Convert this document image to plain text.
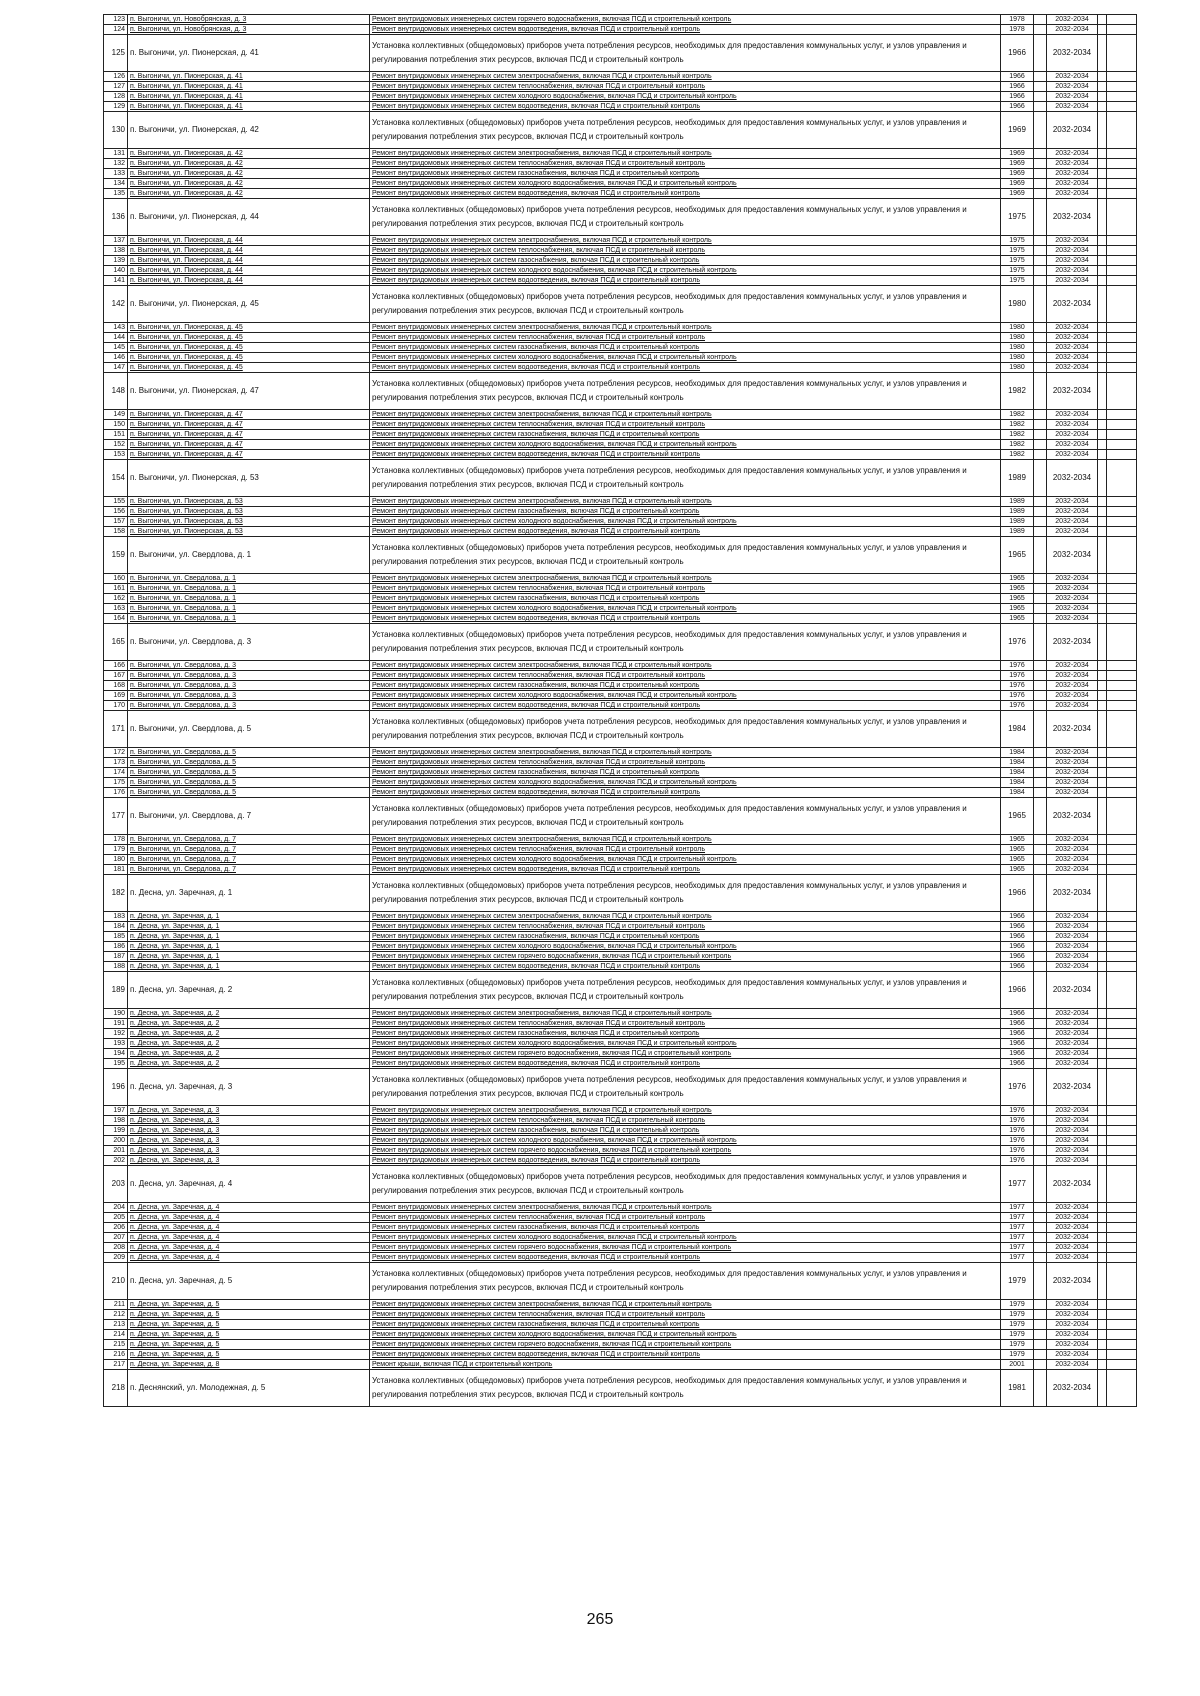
123	п. Выгоничи, ул. Новобрянская, д. 3	Ремонт внутридомовых инженерных систем горячего водоснабжения, включая ПСД и строительный контроль	1978		2032-2034		
124	п. Выгоничи, ул. Новобрянская, д. 3	Ремонт внутридомовых инженерных систем водоотведения, включая ПСД и строительный контроль	1978		2032-2034		
125	п. Выгоничи, ул. Пионерская, д. 41	Установка коллективных (общедомовых) приборов учета потребления ресурсов, необходимых для предоставления коммунальных услуг, и узлов управления и регулирования потребления этих ресурсов, включая ПСД и строительный контроль	1966		2032-2034		
126	п. Выгоничи, ул. Пионерская, д. 41	Ремонт внутридомовых инженерных систем электроснабжения, включая ПСД и строительный контроль	1966		2032-2034		
127	п. Выгоничи, ул. Пионерская, д. 41	Ремонт внутридомовых инженерных систем теплоснабжения, включая ПСД и строительный контроль	1966		2032-2034		
128	п. Выгоничи, ул. Пионерская, д. 41	Ремонт внутридомовых инженерных систем холодного водоснабжения, включая ПСД и строительный контроль	1966		2032-2034		
129	п. Выгоничи, ул. Пионерская, д. 41	Ремонт внутридомовых инженерных систем водоотведения, включая ПСД и строительный контроль	1966		2032-2034		
130	п. Выгоничи, ул. Пионерская, д. 42	Установка коллективных (общедомовых) приборов учета потребления ресурсов, необходимых для предоставления коммунальных услуг, и узлов управления и регулирования потребления этих ресурсов, включая ПСД и строительный контроль	1969		2032-2034		
131	п. Выгоничи, ул. Пионерская, д. 42	Ремонт внутридомовых инженерных систем электроснабжения, включая ПСД и строительный контроль	1969		2032-2034		
132	п. Выгоничи, ул. Пионерская, д. 42	Ремонт внутридомовых инженерных систем теплоснабжения, включая ПСД и строительный контроль	1969		2032-2034		
133	п. Выгоничи, ул. Пионерская, д. 42	Ремонт внутридомовых инженерных систем газоснабжения, включая ПСД и строительный контроль	1969		2032-2034		
134	п. Выгоничи, ул. Пионерская, д. 42	Ремонт внутридомовых инженерных систем холодного водоснабжения, включая ПСД и строительный контроль	1969		2032-2034		
135	п. Выгоничи, ул. Пионерская, д. 42	Ремонт внутридомовых инженерных систем водоотведения, включая ПСД и строительный контроль	1969		2032-2034		
136	п. Выгоничи, ул. Пионерская, д. 44	Установка коллективных (общедомовых) приборов учета потребления ресурсов, необходимых для предоставления коммунальных услуг, и узлов управления и регулирования потребления этих ресурсов, включая ПСД и строительный контроль	1975		2032-2034		
137	п. Выгоничи, ул. Пионерская, д. 44	Ремонт внутридомовых инженерных систем электроснабжения, включая ПСД и строительный контроль	1975		2032-2034		
138	п. Выгоничи, ул. Пионерская, д. 44	Ремонт внутридомовых инженерных систем теплоснабжения, включая ПСД и строительный контроль	1975		2032-2034		
139	п. Выгоничи, ул. Пионерская, д. 44	Ремонт внутридомовых инженерных систем газоснабжения, включая ПСД и строительный контроль	1975		2032-2034		
140	п. Выгоничи, ул. Пионерская, д. 44	Ремонт внутридомовых инженерных систем холодного водоснабжения, включая ПСД и строительный контроль	1975		2032-2034		
141	п. Выгоничи, ул. Пионерская, д. 44	Ремонт внутридомовых инженерных систем водоотведения, включая ПСД и строительный контроль	1975		2032-2034		
142	п. Выгоничи, ул. Пионерская, д. 45	Установка коллективных (общедомовых) приборов учета потребления ресурсов, необходимых для предоставления коммунальных услуг, и узлов управления и регулирования потребления этих ресурсов, включая ПСД и строительный контроль	1980		2032-2034		
143	п. Выгоничи, ул. Пионерская, д. 45	Ремонт внутридомовых инженерных систем электроснабжения, включая ПСД и строительный контроль	1980		2032-2034		
144	п. Выгоничи, ул. Пионерская, д. 45	Ремонт внутридомовых инженерных систем теплоснабжения, включая ПСД и строительный контроль	1980		2032-2034		
145	п. Выгоничи, ул. Пионерская, д. 45	Ремонт внутридомовых инженерных систем газоснабжения, включая ПСД и строительный контроль	1980		2032-2034		
146	п. Выгоничи, ул. Пионерская, д. 45	Ремонт внутридомовых инженерных систем холодного водоснабжения, включая ПСД и строительный контроль	1980		2032-2034		
147	п. Выгоничи, ул. Пионерская, д. 45	Ремонт внутридомовых инженерных систем водоотведения, включая ПСД и строительный контроль	1980		2032-2034		
148	п. Выгоничи, ул. Пионерская, д. 47	Установка коллективных (общедомовых) приборов учета потребления ресурсов, необходимых для предоставления коммунальных услуг, и узлов управления и регулирования потребления этих ресурсов, включая ПСД и строительный контроль	1982		2032-2034		
149	п. Выгоничи, ул. Пионерская, д. 47	Ремонт внутридомовых инженерных систем электроснабжения, включая ПСД и строительный контроль	1982		2032-2034		
150	п. Выгоничи, ул. Пионерская, д. 47	Ремонт внутридомовых инженерных систем теплоснабжения, включая ПСД и строительный контроль	1982		2032-2034		
151	п. Выгоничи, ул. Пионерская, д. 47	Ремонт внутридомовых инженерных систем газоснабжения, включая ПСД и строительный контроль	1982		2032-2034		
152	п. Выгоничи, ул. Пионерская, д. 47	Ремонт внутридомовых инженерных систем холодного водоснабжения, включая ПСД и строительный контроль	1982		2032-2034		
153	п. Выгоничи, ул. Пионерская, д. 47	Ремонт внутридомовых инженерных систем водоотведения, включая ПСД и строительный контроль	1982		2032-2034		
154	п. Выгоничи, ул. Пионерская, д. 53	Установка коллективных (общедомовых) приборов учета потребления ресурсов, необходимых для предоставления коммунальных услуг, и узлов управления и регулирования потребления этих ресурсов, включая ПСД и строительный контроль	1989		2032-2034		
155	п. Выгоничи, ул. Пионерская, д. 53	Ремонт внутридомовых инженерных систем электроснабжения, включая ПСД и строительный контроль	1989		2032-2034		
156	п. Выгоничи, ул. Пионерская, д. 53	Ремонт внутридомовых инженерных систем газоснабжения, включая ПСД и строительный контроль	1989		2032-2034		
157	п. Выгоничи, ул. Пионерская, д. 53	Ремонт внутридомовых инженерных систем холодного водоснабжения, включая ПСД и строительный контроль	1989		2032-2034		
158	п. Выгоничи, ул. Пионерская, д. 53	Ремонт внутридомовых инженерных систем водоотведения, включая ПСД и строительный контроль	1989		2032-2034		
159	п. Выгоничи, ул. Свердлова, д. 1	Установка коллективных (общедомовых) приборов учета потребления ресурсов, необходимых для предоставления коммунальных услуг, и узлов управления и регулирования потребления этих ресурсов, включая ПСД и строительный контроль	1965		2032-2034		
160	п. Выгоничи, ул. Свердлова, д. 1	Ремонт внутридомовых инженерных систем электроснабжения, включая ПСД и строительный контроль	1965		2032-2034		
161	п. Выгоничи, ул. Свердлова, д. 1	Ремонт внутридомовых инженерных систем теплоснабжения, включая ПСД и строительный контроль	1965		2032-2034		
162	п. Выгоничи, ул. Свердлова, д. 1	Ремонт внутридомовых инженерных систем газоснабжения, включая ПСД и строительный контроль	1965		2032-2034		
163	п. Выгоничи, ул. Свердлова, д. 1	Ремонт внутридомовых инженерных систем холодного водоснабжения, включая ПСД и строительный контроль	1965		2032-2034		
164	п. Выгоничи, ул. Свердлова, д. 1	Ремонт внутридомовых инженерных систем водоотведения, включая ПСД и строительный контроль	1965		2032-2034		
165	п. Выгоничи, ул. Свердлова, д. 3	Установка коллективных (общедомовых) приборов учета потребления ресурсов, необходимых для предоставления коммунальных услуг, и узлов управления и регулирования потребления этих ресурсов, включая ПСД и строительный контроль	1976		2032-2034		
166	п. Выгоничи, ул. Свердлова, д. 3	Ремонт внутридомовых инженерных систем электроснабжения, включая ПСД и строительный контроль	1976		2032-2034		
167	п. Выгоничи, ул. Свердлова, д. 3	Ремонт внутридомовых инженерных систем теплоснабжения, включая ПСД и строительный контроль	1976		2032-2034		
168	п. Выгоничи, ул. Свердлова, д. 3	Ремонт внутридомовых инженерных систем газоснабжения, включая ПСД и строительный контроль	1976		2032-2034		
169	п. Выгоничи, ул. Свердлова, д. 3	Ремонт внутридомовых инженерных систем холодного водоснабжения, включая ПСД и строительный контроль	1976		2032-2034		
170	п. Выгоничи, ул. Свердлова, д. 3	Ремонт внутридомовых инженерных систем водоотведения, включая ПСД и строительный контроль	1976		2032-2034		
171	п. Выгоничи, ул. Свердлова, д. 5	Установка коллективных (общедомовых) приборов учета потребления ресурсов, необходимых для предоставления коммунальных услуг, и узлов управления и регулирования потребления этих ресурсов, включая ПСД и строительный контроль	1984		2032-2034		
172	п. Выгоничи, ул. Свердлова, д. 5	Ремонт внутридомовых инженерных систем электроснабжения, включая ПСД и строительный контроль	1984		2032-2034		
173	п. Выгоничи, ул. Свердлова, д. 5	Ремонт внутридомовых инженерных систем теплоснабжения, включая ПСД и строительный контроль	1984		2032-2034		
174	п. Выгоничи, ул. Свердлова, д. 5	Ремонт внутридомовых инженерных систем газоснабжения, включая ПСД и строительный контроль	1984		2032-2034		
175	п. Выгоничи, ул. Свердлова, д. 5	Ремонт внутридомовых инженерных систем холодного водоснабжения, включая ПСД и строительный контроль	1984		2032-2034		
176	п. Выгоничи, ул. Свердлова, д. 5	Ремонт внутридомовых инженерных систем водоотведения, включая ПСД и строительный контроль	1984		2032-2034		
177	п. Выгоничи, ул. Свердлова, д. 7	Установка коллективных (общедомовых) приборов учета потребления ресурсов, необходимых для предоставления коммунальных услуг, и узлов управления и регулирования потребления этих ресурсов, включая ПСД и строительный контроль	1965		2032-2034		
178	п. Выгоничи, ул. Свердлова, д. 7	Ремонт внутридомовых инженерных систем электроснабжения, включая ПСД и строительный контроль	1965		2032-2034		
179	п. Выгоничи, ул. Свердлова, д. 7	Ремонт внутридомовых инженерных систем теплоснабжения, включая ПСД и строительный контроль	1965		2032-2034		
180	п. Выгоничи, ул. Свердлова, д. 7	Ремонт внутридомовых инженерных систем холодного водоснабжения, включая ПСД и строительный контроль	1965		2032-2034		
181	п. Выгоничи, ул. Свердлова, д. 7	Ремонт внутридомовых инженерных систем водоотведения, включая ПСД и строительный контроль	1965		2032-2034		
182	п. Десна, ул. Заречная, д. 1	Установка коллективных (общедомовых) приборов учета потребления ресурсов, необходимых для предоставления коммунальных услуг, и узлов управления и регулирования потребления этих ресурсов, включая ПСД и строительный контроль	1966		2032-2034		
183	п. Десна, ул. Заречная, д. 1	Ремонт внутридомовых инженерных систем электроснабжения, включая ПСД и строительный контроль	1966		2032-2034		
184	п. Десна, ул. Заречная, д. 1	Ремонт внутридомовых инженерных систем теплоснабжения, включая ПСД и строительный контроль	1966		2032-2034		
185	п. Десна, ул. Заречная, д. 1	Ремонт внутридомовых инженерных систем газоснабжения, включая ПСД и строительный контроль	1966		2032-2034		
186	п. Десна, ул. Заречная, д. 1	Ремонт внутридомовых инженерных систем холодного водоснабжения, включая ПСД и строительный контроль	1966		2032-2034		
187	п. Десна, ул. Заречная, д. 1	Ремонт внутридомовых инженерных систем горячего водоснабжения, включая ПСД и строительный контроль	1966		2032-2034		
188	п. Десна, ул. Заречная, д. 1	Ремонт внутридомовых инженерных систем водоотведения, включая ПСД и строительный контроль	1966		2032-2034		
189	п. Десна, ул. Заречная, д. 2	Установка коллективных (общедомовых) приборов учета потребления ресурсов, необходимых для предоставления коммунальных услуг, и узлов управления и регулирования потребления этих ресурсов, включая ПСД и строительный контроль	1966		2032-2034		
190	п. Десна, ул. Заречная, д. 2	Ремонт внутридомовых инженерных систем электроснабжения, включая ПСД и строительный контроль	1966		2032-2034		
191	п. Десна, ул. Заречная, д. 2	Ремонт внутридомовых инженерных систем теплоснабжения, включая ПСД и строительный контроль	1966		2032-2034		
192	п. Десна, ул. Заречная, д. 2	Ремонт внутридомовых инженерных систем газоснабжения, включая ПСД и строительный контроль	1966		2032-2034		
193	п. Десна, ул. Заречная, д. 2	Ремонт внутридомовых инженерных систем холодного водоснабжения, включая ПСД и строительный контроль	1966		2032-2034		
194	п. Десна, ул. Заречная, д. 2	Ремонт внутридомовых инженерных систем горячего водоснабжения, включая ПСД и строительный контроль	1966		2032-2034		
195	п. Десна, ул. Заречная, д. 2	Ремонт внутридомовых инженерных систем водоотведения, включая ПСД и строительный контроль	1966		2032-2034		
196	п. Десна, ул. Заречная, д. 3	Установка коллективных (общедомовых) приборов учета потребления ресурсов, необходимых для предоставления коммунальных услуг, и узлов управления и регулирования потребления этих ресурсов, включая ПСД и строительный контроль	1976		2032-2034		
197	п. Десна, ул. Заречная, д. 3	Ремонт внутридомовых инженерных систем электроснабжения, включая ПСД и строительный контроль	1976		2032-2034		
198	п. Десна, ул. Заречная, д. 3	Ремонт внутридомовых инженерных систем теплоснабжения, включая ПСД и строительный контроль	1976		2032-2034		
199	п. Десна, ул. Заречная, д. 3	Ремонт внутридомовых инженерных систем газоснабжения, включая ПСД и строительный контроль	1976		2032-2034		
200	п. Десна, ул. Заречная, д. 3	Ремонт внутридомовых инженерных систем холодного водоснабжения, включая ПСД и строительный контроль	1976		2032-2034		
201	п. Десна, ул. Заречная, д. 3	Ремонт внутридомовых инженерных систем горячего водоснабжения, включая ПСД и строительный контроль	1976		2032-2034		
202	п. Десна, ул. Заречная, д. 3	Ремонт внутридомовых инженерных систем водоотведения, включая ПСД и строительный контроль	1976		2032-2034		
203	п. Десна, ул. Заречная, д. 4	Установка коллективных (общедомовых) приборов учета потребления ресурсов, необходимых для предоставления коммунальных услуг, и узлов управления и регулирования потребления этих ресурсов, включая ПСД и строительный контроль	1977		2032-2034		
204	п. Десна, ул. Заречная, д. 4	Ремонт внутридомовых инженерных систем электроснабжения, включая ПСД и строительный контроль	1977		2032-2034		
205	п. Десна, ул. Заречная, д. 4	Ремонт внутридомовых инженерных систем теплоснабжения, включая ПСД и строительный контроль	1977		2032-2034		
206	п. Десна, ул. Заречная, д. 4	Ремонт внутридомовых инженерных систем газоснабжения, включая ПСД и строительный контроль	1977		2032-2034		
207	п. Десна, ул. Заречная, д. 4	Ремонт внутридомовых инженерных систем холодного водоснабжения, включая ПСД и строительный контроль	1977		2032-2034		
208	п. Десна, ул. Заречная, д. 4	Ремонт внутридомовых инженерных систем горячего водоснабжения, включая ПСД и строительный контроль	1977		2032-2034		
209	п. Десна, ул. Заречная, д. 4	Ремонт внутридомовых инженерных систем водоотведения, включая ПСД и строительный контроль	1977		2032-2034		
210	п. Десна, ул. Заречная, д. 5	Установка коллективных (общедомовых) приборов учета потребления ресурсов, необходимых для предоставления коммунальных услуг, и узлов управления и регулирования потребления этих ресурсов, включая ПСД и строительный контроль	1979		2032-2034		
211	п. Десна, ул. Заречная, д. 5	Ремонт внутридомовых инженерных систем электроснабжения, включая ПСД и строительный контроль	1979		2032-2034		
212	п. Десна, ул. Заречная, д. 5	Ремонт внутридомовых инженерных систем теплоснабжения, включая ПСД и строительный контроль	1979		2032-2034		
213	п. Десна, ул. Заречная, д. 5	Ремонт внутридомовых инженерных систем газоснабжения, включая ПСД и строительный контроль	1979		2032-2034		
214	п. Десна, ул. Заречная, д. 5	Ремонт внутридомовых инженерных систем холодного водоснабжения, включая ПСД и строительный контроль	1979		2032-2034		
215	п. Десна, ул. Заречная, д. 5	Ремонт внутридомовых инженерных систем горячего водоснабжения, включая ПСД и строительный контроль	1979		2032-2034		
216	п. Десна, ул. Заречная, д. 5	Ремонт внутридомовых инженерных систем водоотведения, включая ПСД и строительный контроль	1979		2032-2034		
217	п. Десна, ул. Заречная, д. 8	Ремонт крыши, включая ПСД и строительный контроль	2001		2032-2034		
218	п. Деснянский, ул. Молодежная, д. 5	Установка коллективных (общедомовых) приборов учета потребления ресурсов, необходимых для предоставления коммунальных услуг, и узлов управления и регулирования потребления этих ресурсов, включая ПСД и строительный контроль	1981		2032-2034		
265
